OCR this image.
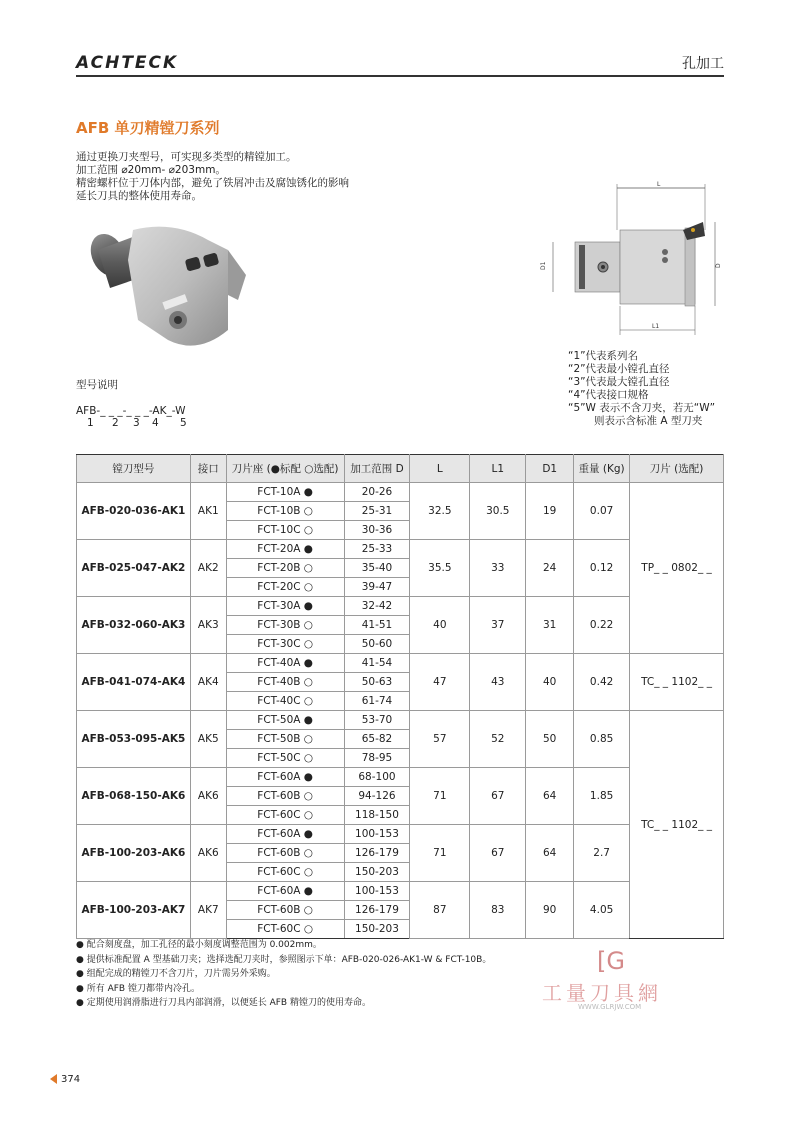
ACHTECK	孔加工
AFB 单刃精镗刀系列
通过更换刀夹型号，可实现多类型的精镗加工。
加工范围 ⌀20mm- ⌀203mm。
精密螺杆位于刀体内部，避免了铁屑冲击及腐蚀锈化的影响
延长刀具的整体使用寿命。
L
D1	D
L1
“1”代表系列名
“2”代表最小镗孔直径
“3”代表最大镗孔直径
“4”代表接口规格
“5”W 表示不含刀夹，若无“W”
则表示含标准 A 型刀夹
型号说明
AFB-_ _ _-_ _ _-AK_-W
1 2 3 4 5
镗刀型号	接口	刀片座 (●标配 ○选配)	加工范围 D	L	L1	D1	重量 (Kg)	刀片 (选配)
AFB-020-036-AK1	AK1	FCT-10A ●	20-26	32.5	30.5	19	0.07	TP_ _ 0802_ _
		FCT-10B ○	25-31					
		FCT-10C ○	30-36					
AFB-025-047-AK2	AK2	FCT-20A ●	25-33	35.5	33	24	0.12	
		FCT-20B ○	35-40					
		FCT-20C ○	39-47					
AFB-032-060-AK3	AK3	FCT-30A ●	32-42	40	37	31	0.22	
		FCT-30B ○	41-51					
		FCT-30C ○	50-60					
AFB-041-074-AK4	AK4	FCT-40A ●	41-54	47	43	40	0.42	TC_ _ 1102_ _
		FCT-40B ○	50-63					
		FCT-40C ○	61-74					
AFB-053-095-AK5	AK5	FCT-50A ●	53-70	57	52	50	0.85	TC_ _ 1102_ _
		FCT-50B ○	65-82					
		FCT-50C ○	78-95					
AFB-068-150-AK6	AK6	FCT-60A ●	68-100	71	67	64	1.85	
		FCT-60B ○	94-126					
		FCT-60C ○	118-150					
AFB-100-203-AK6	AK6	FCT-60A ●	100-153	71	67	64	2.7	
		FCT-60B ○	126-179					
		FCT-60C ○	150-203					
AFB-100-203-AK7	AK7	FCT-60A ●	100-153	87	83	90	4.05	
		FCT-60B ○	126-179					
		FCT-60C ○	150-203					
● 配合刻度盘，加工孔径的最小刻度调整范围为 0.002mm。
● 提供标准配置 A 型基础刀夹；选择选配刀夹时，参照图示下单：AFB-020-026-AK1-W & FCT-10B。
● 组配完成的精镗刀不含刀片，刀片需另外采购。
● 所有 AFB 镗刀都带内冷孔。
● 定期使用润滑脂进行刀具内部润滑，以便延长 AFB 精镗刀的使用寿命。
[G
工量刀具網
WWW.GLRJW.COM
374
